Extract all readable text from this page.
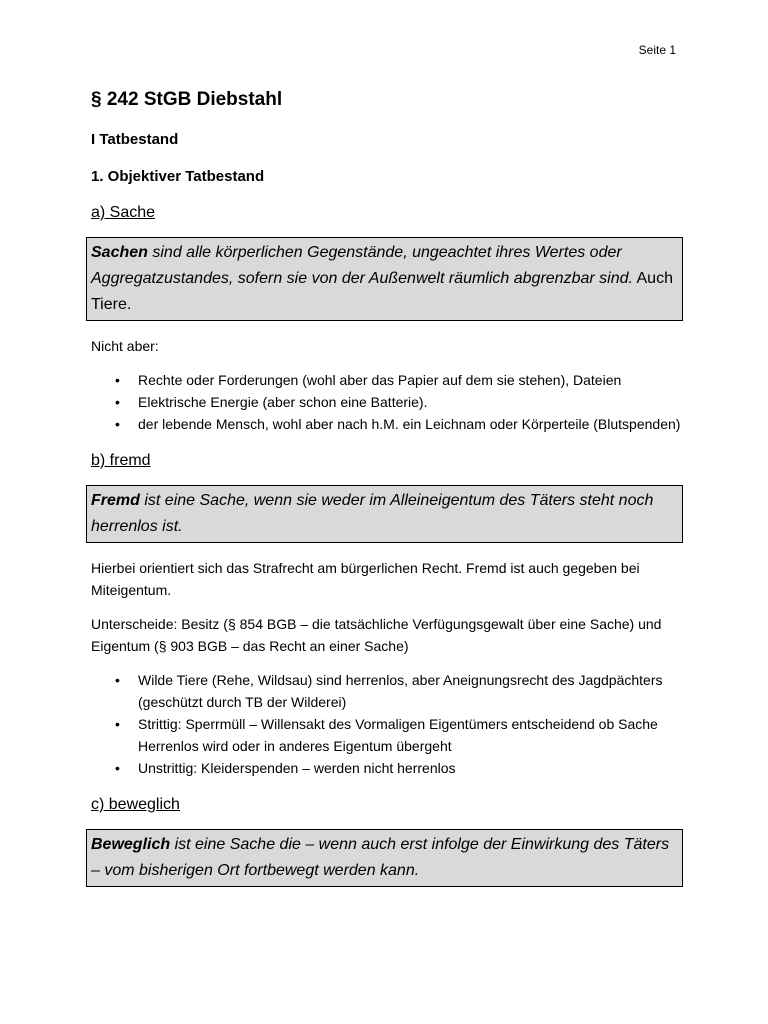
Seite 1
§ 242 StGB Diebstahl
I Tatbestand
1. Objektiver Tatbestand
a) Sache
Sachen sind alle körperlichen Gegenstände, ungeachtet ihres Wertes oder Aggregatzustandes, sofern sie von der Außenwelt räumlich abgrenzbar sind. Auch Tiere.

Nicht aber:

• Rechte oder Forderungen (wohl aber das Papier auf dem sie stehen), Dateien
• Elektrische Energie (aber schon eine Batterie).
• der lebende Mensch, wohl aber nach h.M. ein Leichnam oder Körperteile (Blutspenden)
b) fremd
Fremd ist eine Sache, wenn sie weder im Alleineigentum des Täters steht noch herrenlos ist.

Hierbei orientiert sich das Strafrecht am bürgerlichen Recht. Fremd ist auch gegeben bei Miteigentum.

Unterscheide: Besitz (§ 854 BGB – die tatsächliche Verfügungsgewalt über eine Sache) und Eigentum (§ 903 BGB – das Recht an einer Sache)

• Wilde Tiere (Rehe, Wildsau) sind herrenlos, aber Aneignungsrecht des Jagdpächters (geschützt durch TB der Wilderei)
• Strittig: Sperrmüll – Willensakt des Vormaligen Eigentümers entscheidend ob Sache Herrenlos wird oder in anderes Eigentum übergeht
• Unstrittig: Kleiderspenden – werden nicht herrenlos
c) beweglich
Beweglich ist eine Sache die – wenn auch erst infolge der Einwirkung des Täters – vom bisherigen Ort fortbewegt werden kann.
